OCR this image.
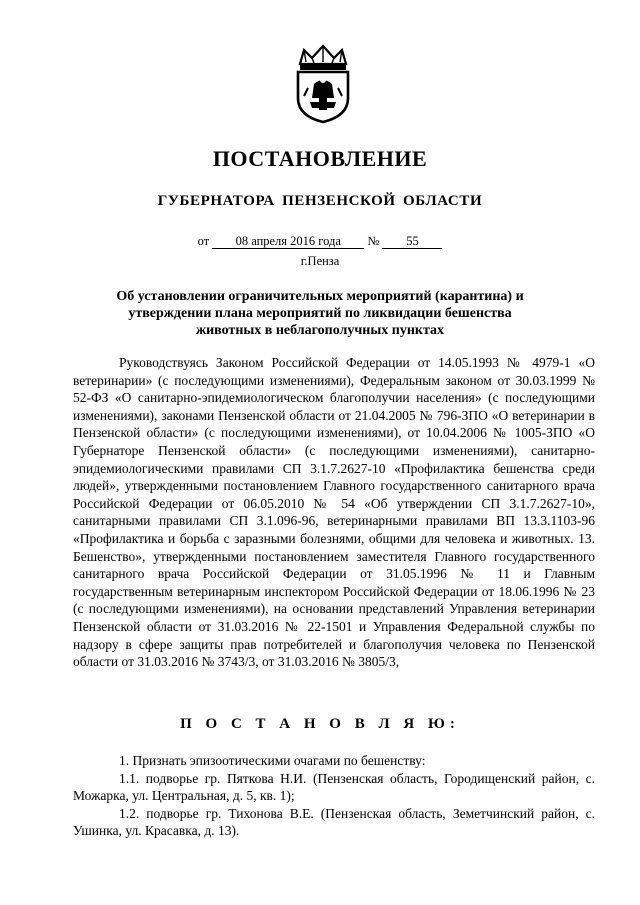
ПОСТАНОВЛЕНИЕ
ГУБЕРНАТОРА ПЕНЗЕНСКОЙ ОБЛАСТИ
от 08 апреля 2016 года № 55
г.Пенза
Об установлении ограничительных мероприятий (карантина) и утверждении плана мероприятий по ликвидации бешенства животных в неблагополучных пунктах

Руководствуясь Законом Российской Федерации от 14.05.1993 № 4979-1 «О ветеринарии» (с последующими изменениями), Федеральным законом от 30.03.1999 № 52-ФЗ «О санитарно-эпидемиологическом благополучии населения» (с последующими изменениями), законами Пензенской области от 21.04.2005 № 796-ЗПО «О ветеринарии в Пензенской области» (с последующими изменениями), от 10.04.2006 № 1005-ЗПО «О Губернаторе Пензенской области» (с последующими изменениями), санитарно-эпидемиологическими правилами СП 3.1.7.2627-10 «Профилактика бешенства среди людей», утвержденными постановлением Главного государственного санитарного врача Российской Федерации от 06.05.2010 № 54 «Об утверждении СП 3.1.7.2627-10», санитарными правилами СП 3.1.096-96, ветеринарными правилами ВП 13.3.1103-96 «Профилактика и борьба с заразными болезнями, общими для человека и животных. 13. Бешенство», утвержденными постановлением заместителя Главного государственного санитарного врача Российской Федерации от 31.05.1996 № 11 и Главным государственным ветеринарным инспектором Российской Федерации от 18.06.1996 № 23 (с последующими изменениями), на основании представлений Управления ветеринарии Пензенской области от 31.03.2016 № 22-1501 и Управления Федеральной службы по надзору в сфере защиты прав потребителей и благополучия человека по Пензенской области от 31.03.2016 № 3743/3, от 31.03.2016 № 3805/3,

П О С Т А Н О В Л Я Ю:

1. Признать эпизоотическими очагами по бешенству:

1.1. подворье гр. Пяткова Н.И. (Пензенская область, Городищенский район, с. Можарка, ул. Центральная, д. 5, кв. 1);

1.2. подворье гр. Тихонова В.Е. (Пензенская область, Земетчинский район, с. Ушинка, ул. Красавка, д. 13).
